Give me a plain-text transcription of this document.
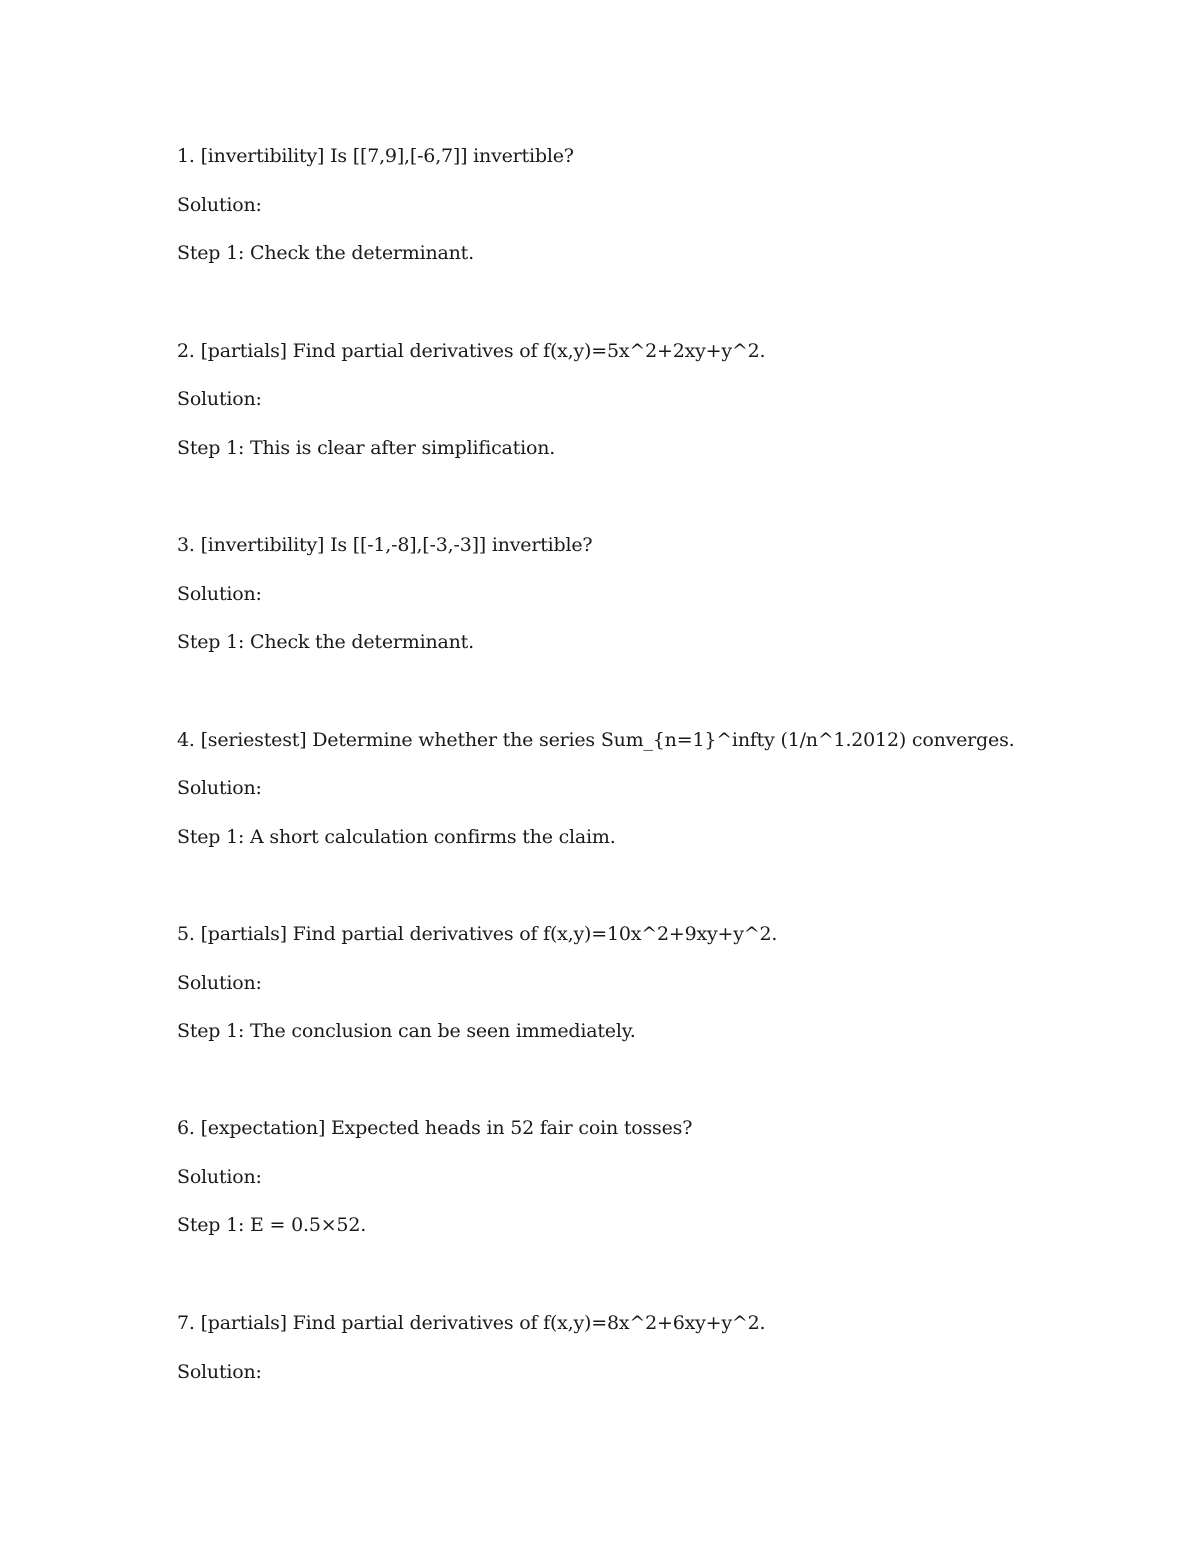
1. [invertibility] Is [[7,9],[-6,7]] invertible?

Solution:

Step 1: Check the determinant.

2. [partials] Find partial derivatives of f(x,y)=5x^2+2xy+y^2.

Solution:

Step 1: This is clear after simplification.

3. [invertibility] Is [[-1,-8],[-3,-3]] invertible?

Solution:

Step 1: Check the determinant.

4. [seriestest] Determine whether the series Sum_{n=1}^infty (1/n^1.2012) converges.

Solution:

Step 1: A short calculation confirms the claim.

5. [partials] Find partial derivatives of f(x,y)=10x^2+9xy+y^2.

Solution:

Step 1: The conclusion can be seen immediately.

6. [expectation] Expected heads in 52 fair coin tosses?

Solution:

Step 1: E = 0.5×52.

7. [partials] Find partial derivatives of f(x,y)=8x^2+6xy+y^2.

Solution:
